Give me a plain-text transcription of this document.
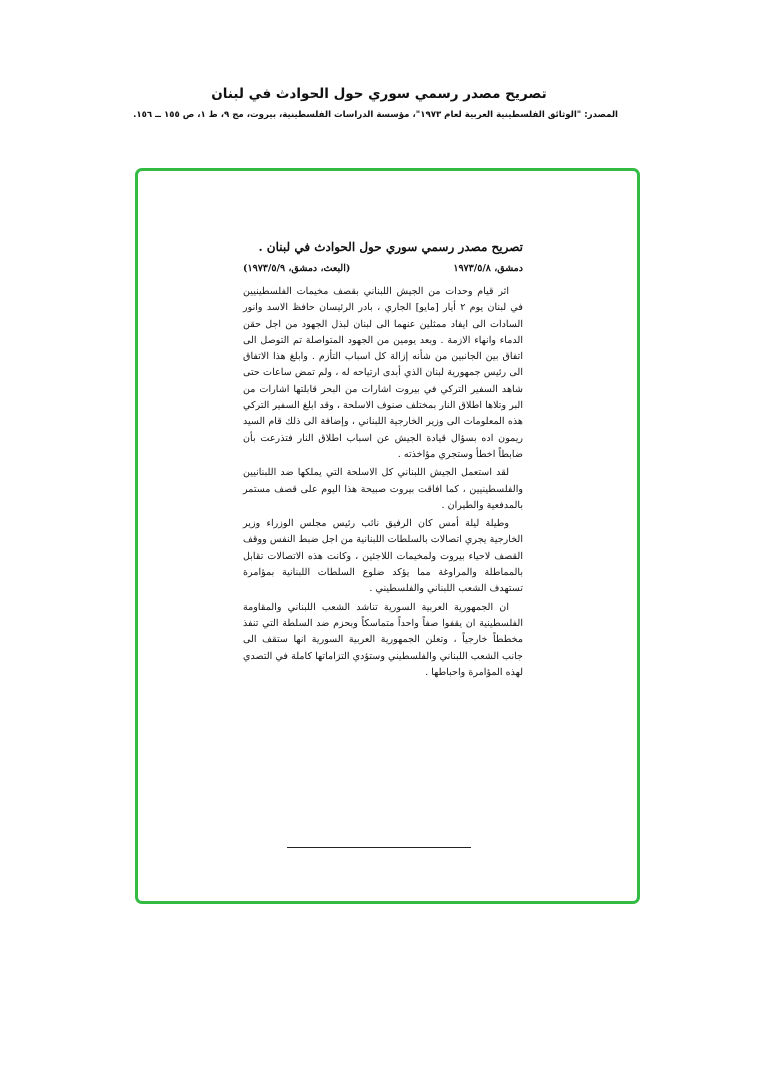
تصريح مصدر رسمي سوري حول الحوادث في لبنان
المصدر: "الوثائق الفلسطينية العربية لعام ١٩٧٣"، مؤسسة الدراسات الفلسطينية، بيروت، مج ٩، ط ١، ص ١٥٥ ــ ١٥٦.
تصريح مصدر رسمي سوري حول الحوادث في لبنان .
دمشق، ١٩٧٣/٥/٨
(البعث، دمشق، ١٩٧٣/٥/٩)

اثر قيام وحدات من الجيش اللبناني بقصف مخيمات الفلسطينيين في لبنان يوم ٢ أيار [مايو] الجاري ، بادر الرئيسان حافظ الاسد وانور السادات الى ايفاد ممثلين عنهما الى لبنان لبذل الجهود من اجل حقن الدماء وانهاء الازمة . وبعد يومين من الجهود المتواصلة تم التوصل الى اتفاق بين الجانبين من شأنه إزالة كل اسباب التأزم . وابلغ هذا الاتفاق الى رئيس جمهورية لبنان الذي أبدى ارتياحه له ، ولم تمض ساعات حتى شاهد السفير التركي في بيروت اشارات من البحر قابلتها اشارات من البر وتلاها اطلاق النار بمختلف صنوف الاسلحة ، وقد ابلغ السفير التركي هذه المعلومات الى وزير الخارجية اللبناني ، وإضافة الى ذلك قام السيد ريمون اده بسؤال قيادة الجيش عن اسباب اطلاق النار فتذرعت بأن ضابطاً اخطأ وستجري مؤاخذته .

لقد استعمل الجيش اللبناني كل الاسلحة التي يملكها ضد اللبنانيين والفلسطينيين ، كما افاقت بيروت صبيحة هذا اليوم على قصف مستمر بالمدفعية والطيران .

وطيلة ليلة أمس كان الرفيق نائب رئيس مجلس الوزراء وزير الخارجية يجري اتصالات بالسلطات اللبنانية من اجل ضبط النفس ووقف القصف لاحياء بيروت ولمخيمات اللاجئين ، وكانت هذه الاتصالات تقابل بالمماطلة والمراوغة مما يؤكد ضلوع السلطات اللبنانية بمؤامرة تستهدف الشعب اللبناني والفلسطيني .

ان الجمهورية العربية السورية تناشد الشعب اللبناني والمقاومة الفلسطينية ان يقفوا صفاً واحداً متماسكاً وبحزم ضد السلطة التي تنفذ مخططاً خارجياً ، وتعلن الجمهورية العربية السورية انها ستقف الى جانب الشعب اللبناني والفلسطيني وستؤدي التزاماتها كاملة في التصدي لهذه المؤامرة واحباطها .
